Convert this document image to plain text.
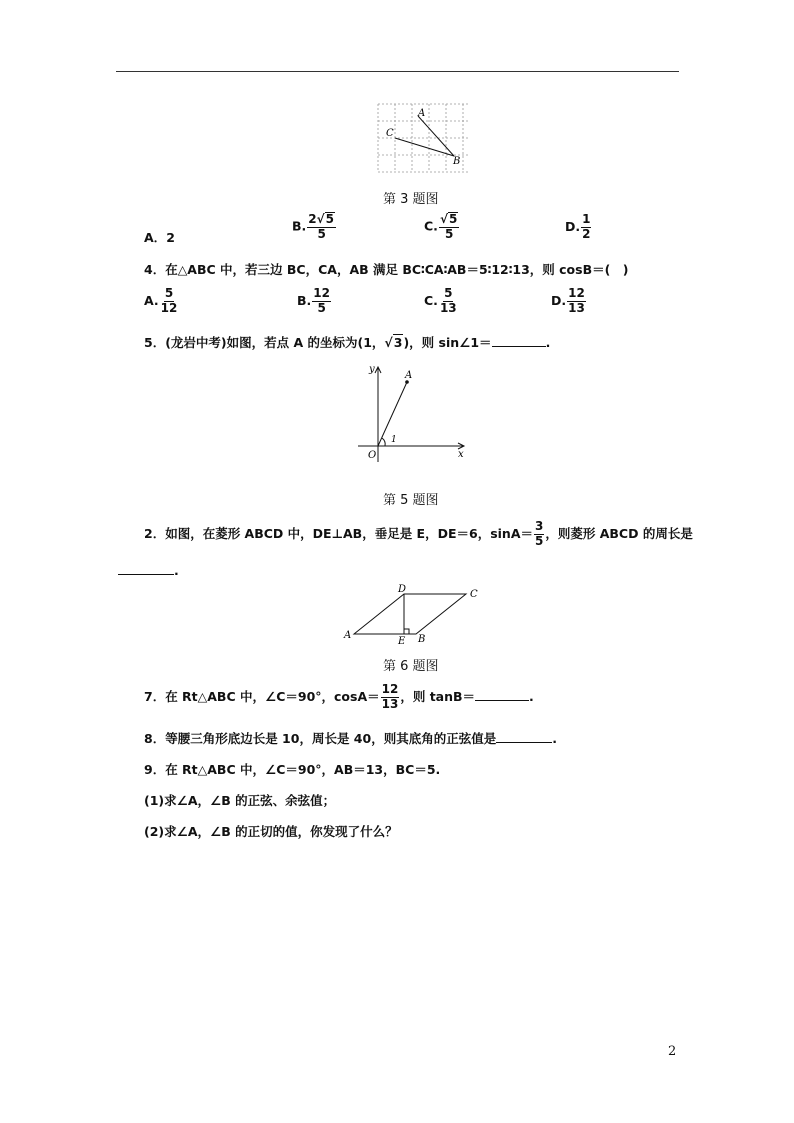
A
B
C
第 3 题图
A．2
B. $\frac{2√ 5}{5}$	C. $\frac{√ 5}{5}$	D. $\frac{1}{2}$
4．在△ABC 中，若三边 BC，CA，AB 满足 BC∶CA∶AB＝5∶12∶13，则 cosB＝(　)
A. $\frac{5}{12}$	B. $\frac{12}{5}$	C. $\frac{5}{13}$	D. $\frac{12}{13}$
5．(龙岩中考)如图，若点 A 的坐标为(1，√ 3 )，则 sin∠1＝	.
y
x
O
A
1
第 5 题图
2．如图，在菱形 ABCD 中，DE⊥AB，垂足是 E，DE＝6，$\sin A= \frac{3}{5}$ ，则菱形 ABCD 的周长是
.
A	B
C
D
E
第 6 题图
7．在 Rt△ABC 中，∠C＝90°，$\cos A= \frac{12}{13}$ ，则 tanB＝	.
8．等腰三角形底边长是 10，周长是 40，则其底角的正弦值是	.
9．在 Rt△ABC 中，∠C＝90°，AB＝13，BC＝5.
(1)求∠A，∠B 的正弦、余弦值；
(2)求∠A，∠B 的正切的值，你发现了什么？
2
